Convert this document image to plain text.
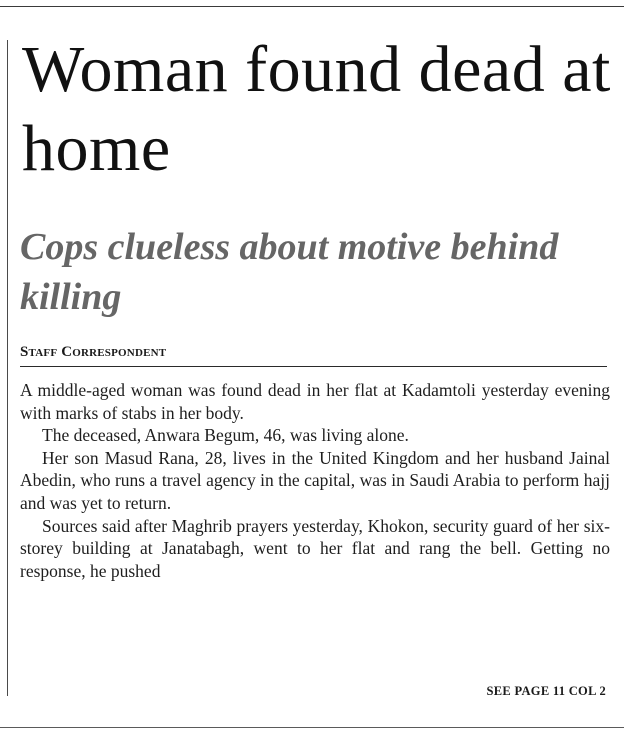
Woman found dead at home
Cops clueless about motive behind killing
Staff Correspondent

A middle-aged woman was found dead in her flat at Kadamtoli yesterday evening with marks of stabs in her body.

The deceased, Anwara Begum, 46, was living alone.

Her son Masud Rana, 28, lives in the United Kingdom and her husband Jainal Abedin, who runs a travel agency in the capital, was in Saudi Arabia to perform hajj and was yet to return.

Sources said after Maghrib prayers yesterday, Khokon, security guard of her six-storey building at Janatabagh, went to her flat and rang the bell. Getting no response, he pushed

SEE PAGE 11 COL 2
